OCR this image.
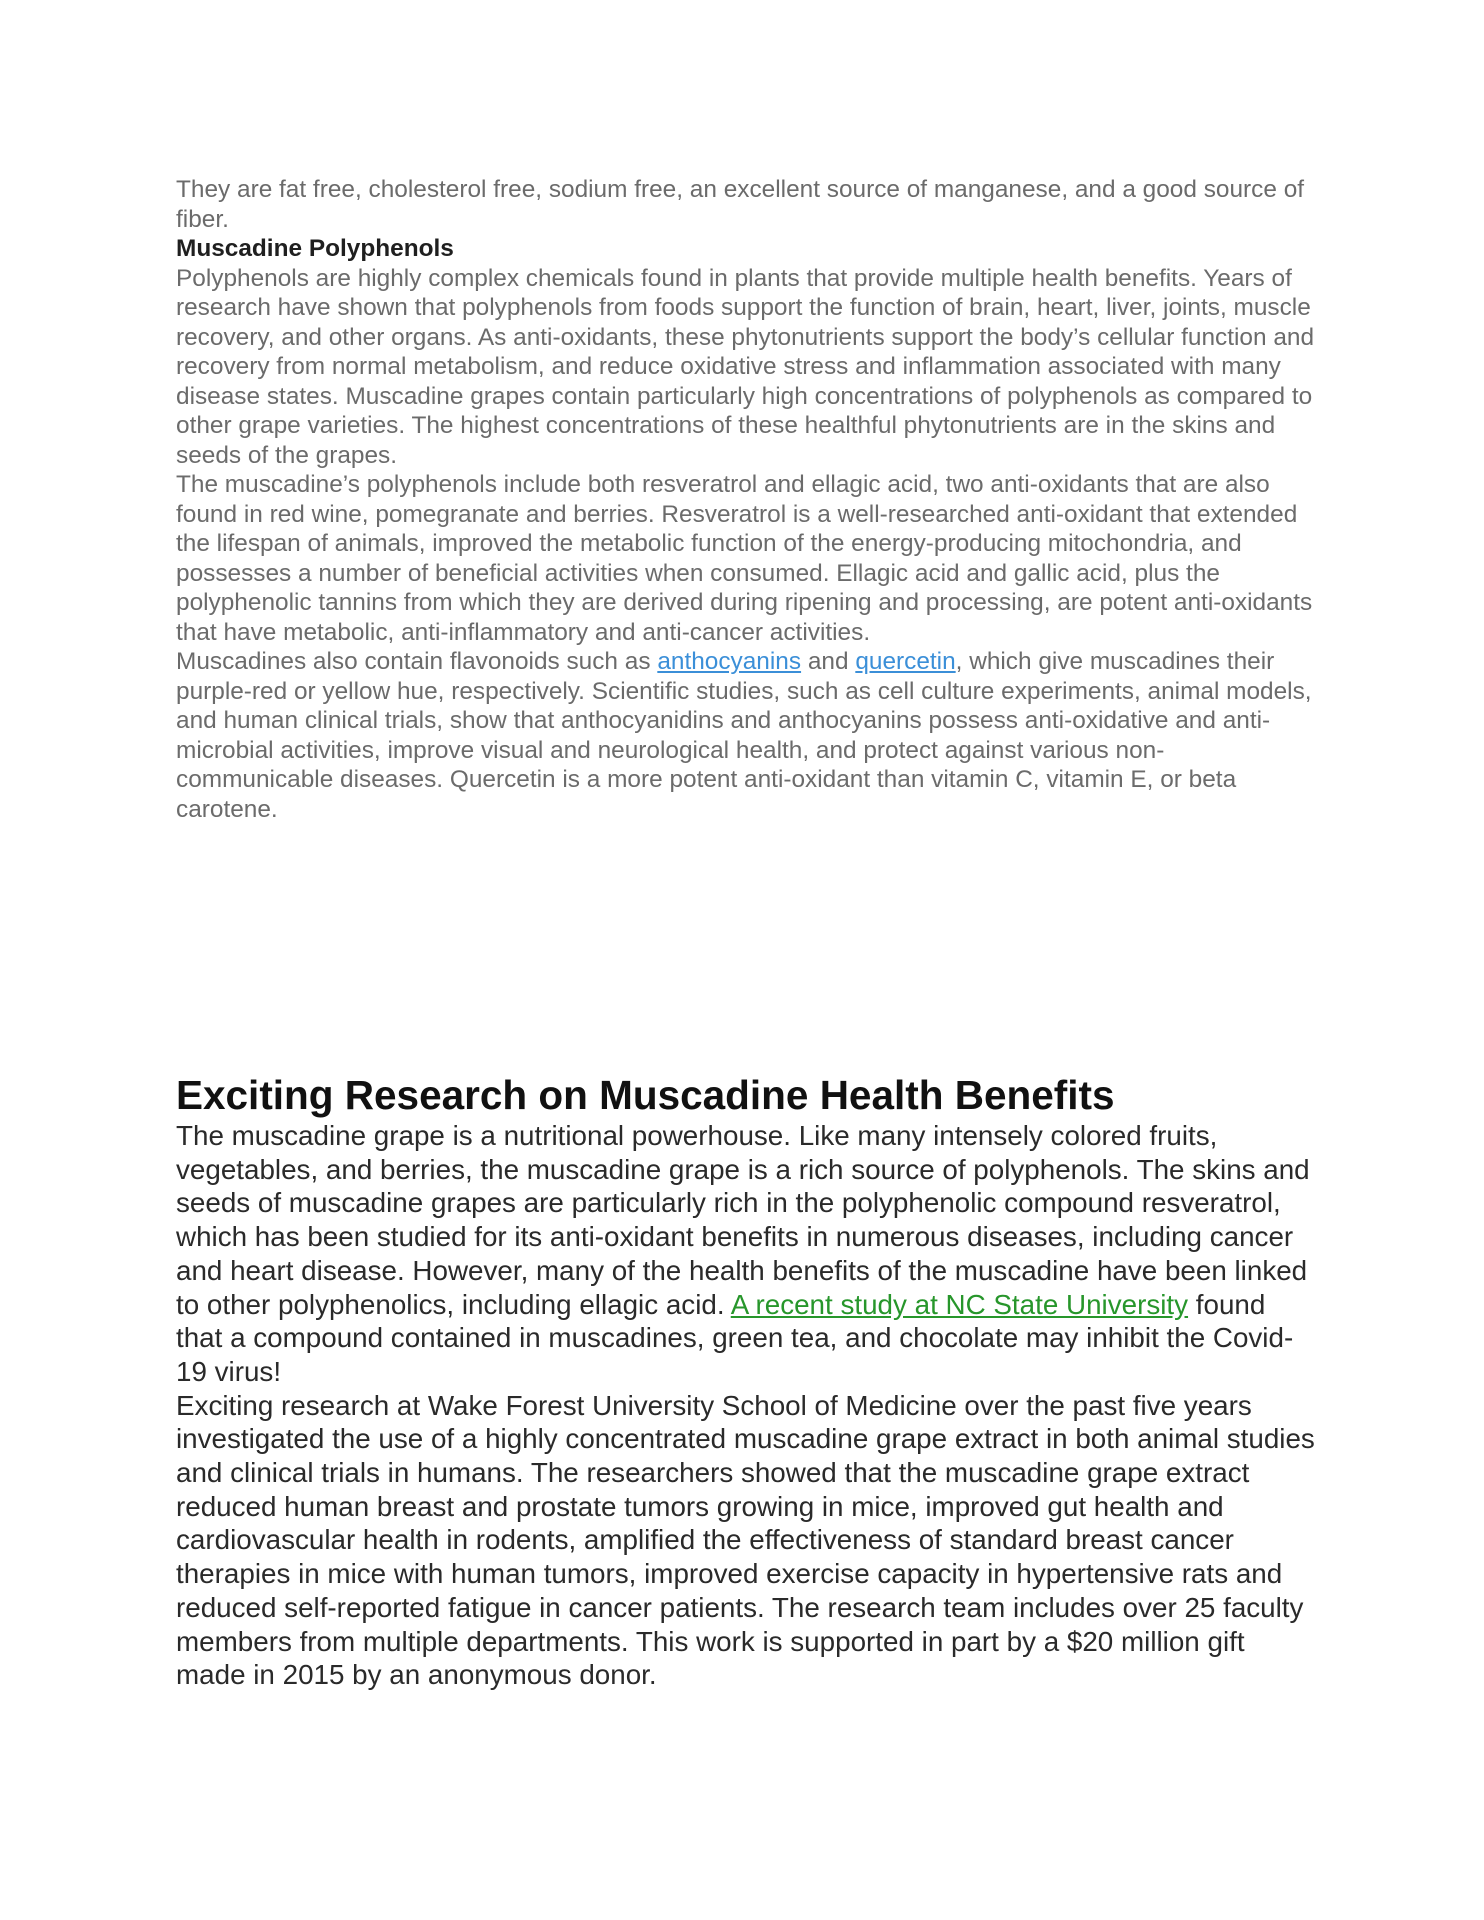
They are fat free, cholesterol free, sodium free, an excellent source of manganese, and a good source of fiber.

Muscadine Polyphenols

Polyphenols are highly complex chemicals found in plants that provide multiple health benefits. Years of research have shown that polyphenols from foods support the function of brain, heart, liver, joints, muscle recovery, and other organs. As anti-oxidants, these phytonutrients support the body’s cellular function and recovery from normal metabolism, and reduce oxidative stress and inflammation associated with many disease states. Muscadine grapes contain particularly high concentrations of polyphenols as compared to other grape varieties. The highest concentrations of these healthful phytonutrients are in the skins and seeds of the grapes.

The muscadine’s polyphenols include both resveratrol and ellagic acid, two anti-oxidants that are also found in red wine, pomegranate and berries. Resveratrol is a well-researched anti-oxidant that extended the lifespan of animals, improved the metabolic function of the energy-producing mitochondria, and possesses a number of beneficial activities when consumed. Ellagic acid and gallic acid, plus the polyphenolic tannins from which they are derived during ripening and processing, are potent anti-oxidants that have metabolic, anti-inflammatory and anti-cancer activities.

Muscadines also contain flavonoids such as anthocyanins and quercetin, which give muscadines their purple-red or yellow hue, respectively. Scientific studies, such as cell culture experiments, animal models, and human clinical trials, show that anthocyanidins and anthocyanins possess anti-oxidative and anti-microbial activities, improve visual and neurological health, and protect against various non-communicable diseases. Quercetin is a more potent anti-oxidant than vitamin C, vitamin E, or beta carotene.

Exciting Research on Muscadine Health Benefits

The muscadine grape is a nutritional powerhouse. Like many intensely colored fruits, vegetables, and berries, the muscadine grape is a rich source of polyphenols. The skins and seeds of muscadine grapes are particularly rich in the polyphenolic compound resveratrol, which has been studied for its anti-oxidant benefits in numerous diseases, including cancer and heart disease. However, many of the health benefits of the muscadine have been linked to other polyphenolics, including ellagic acid. A recent study at NC State University found that a compound contained in muscadines, green tea, and chocolate may inhibit the Covid-19 virus!

Exciting research at Wake Forest University School of Medicine over the past five years investigated the use of a highly concentrated muscadine grape extract in both animal studies and clinical trials in humans. The researchers showed that the muscadine grape extract reduced human breast and prostate tumors growing in mice, improved gut health and cardiovascular health in rodents, amplified the effectiveness of standard breast cancer therapies in mice with human tumors, improved exercise capacity in hypertensive rats and reduced self-reported fatigue in cancer patients. The research team includes over 25 faculty members from multiple departments. This work is supported in part by a $20 million gift made in 2015 by an anonymous donor.
